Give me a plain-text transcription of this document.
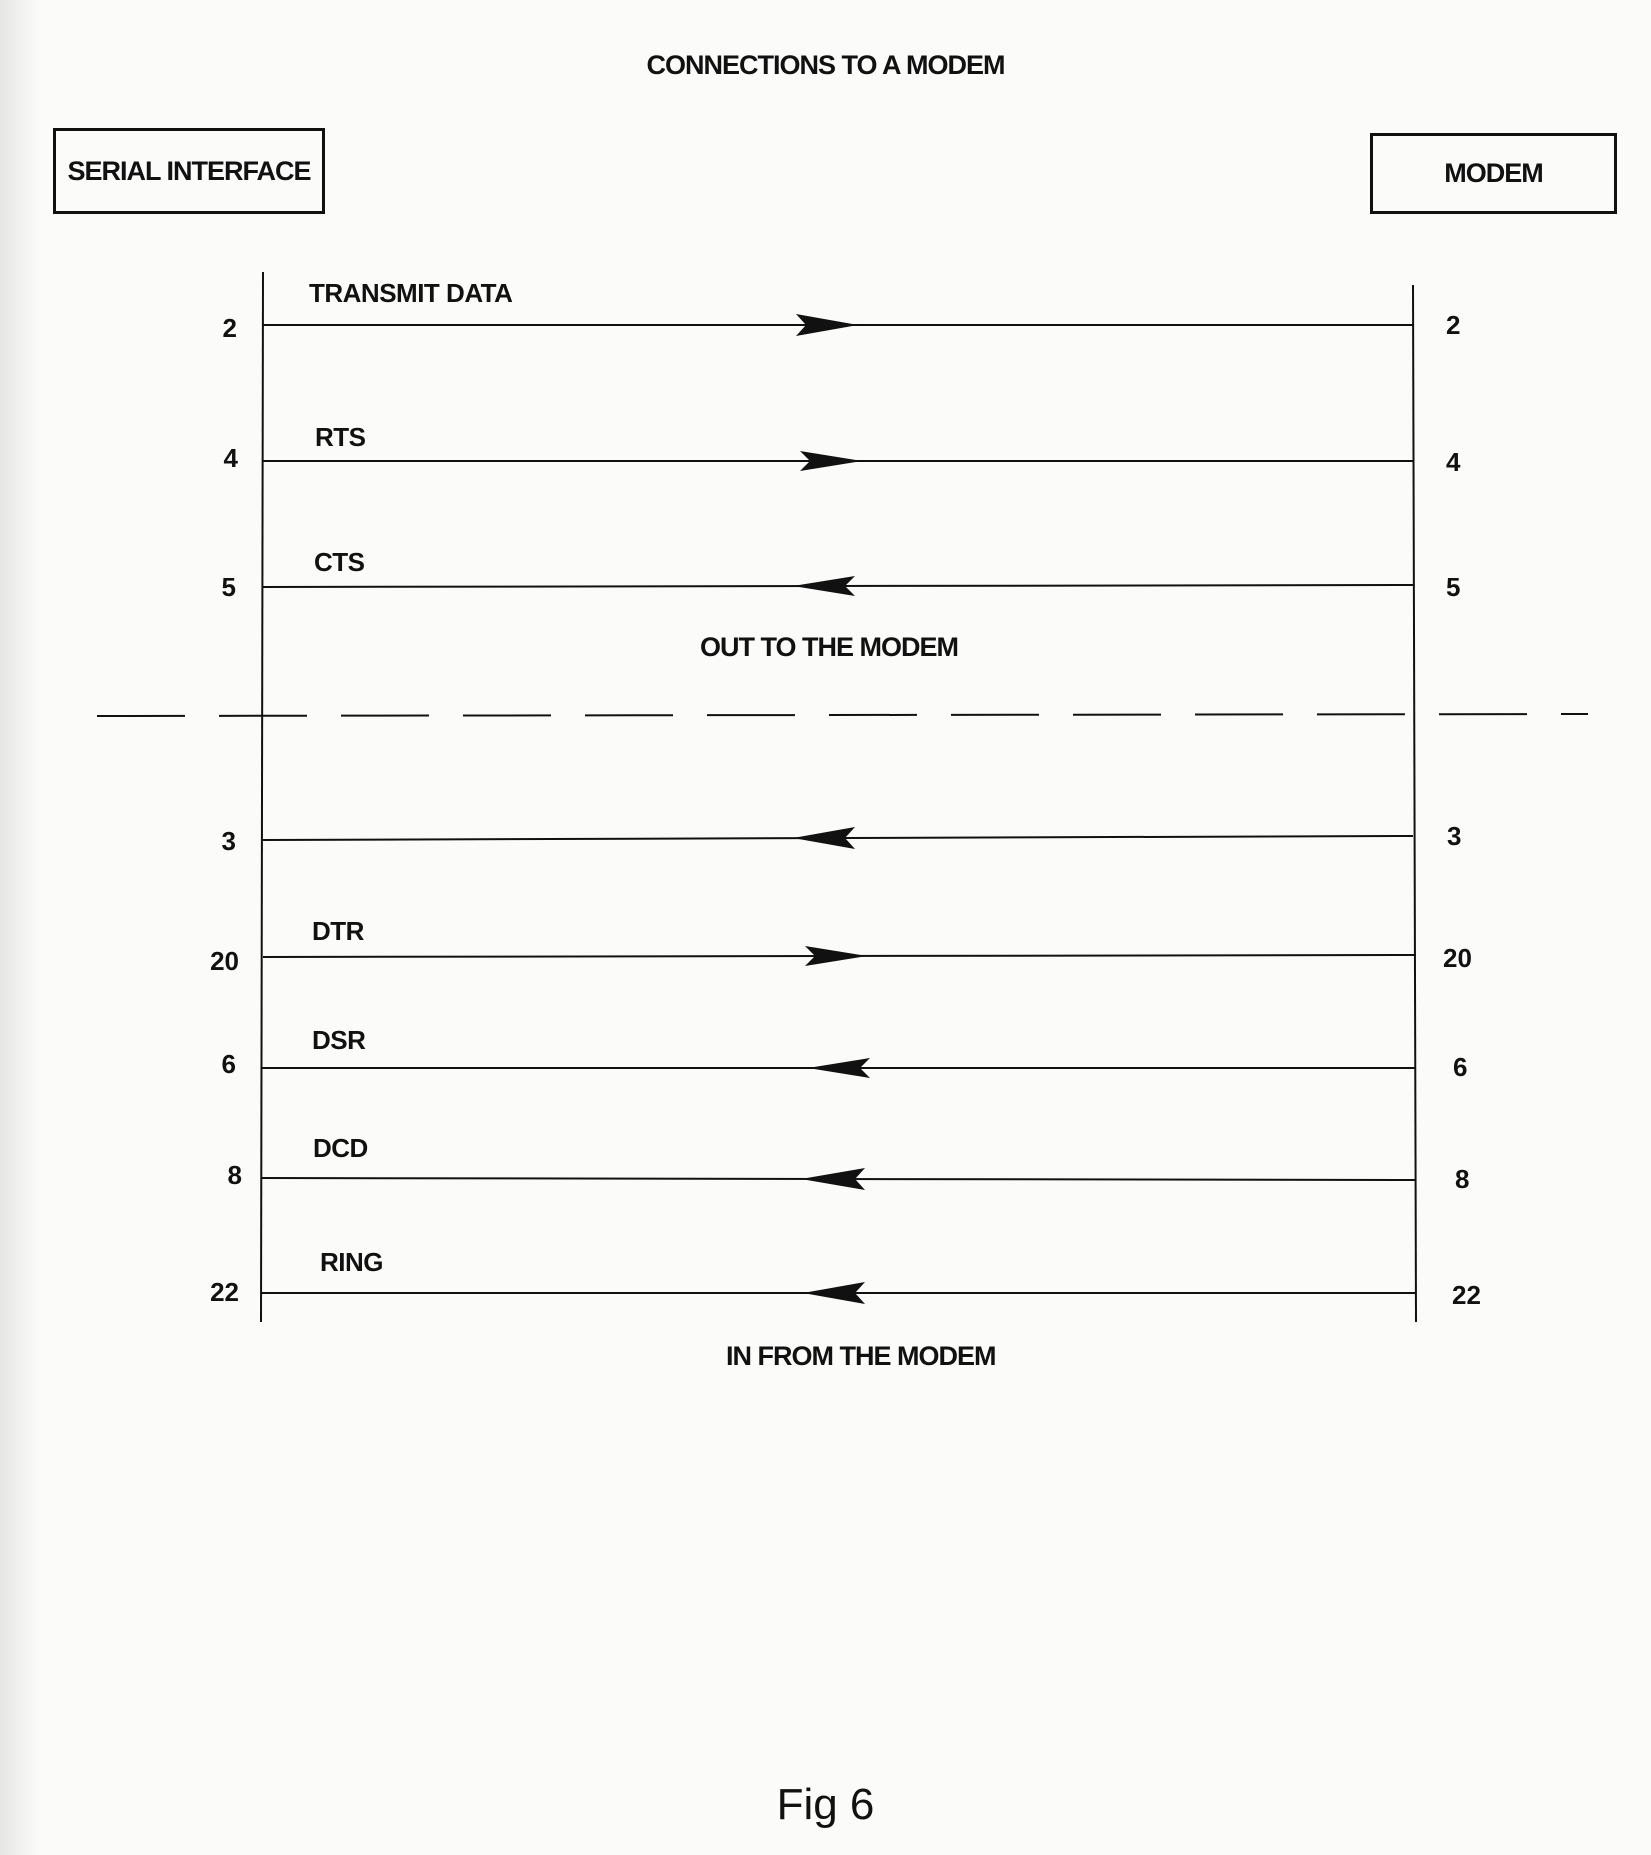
CONNECTIONS TO A MODEM
SERIAL INTERFACE	MODEM
TRANSMIT DATA
RTS
CTS
DTR
DSR
DCD
RING
2
4
5
3
20
6
8
22
2
4
5
3
20
6
8
22
OUT TO THE MODEM
IN FROM THE MODEM
Fig 6
